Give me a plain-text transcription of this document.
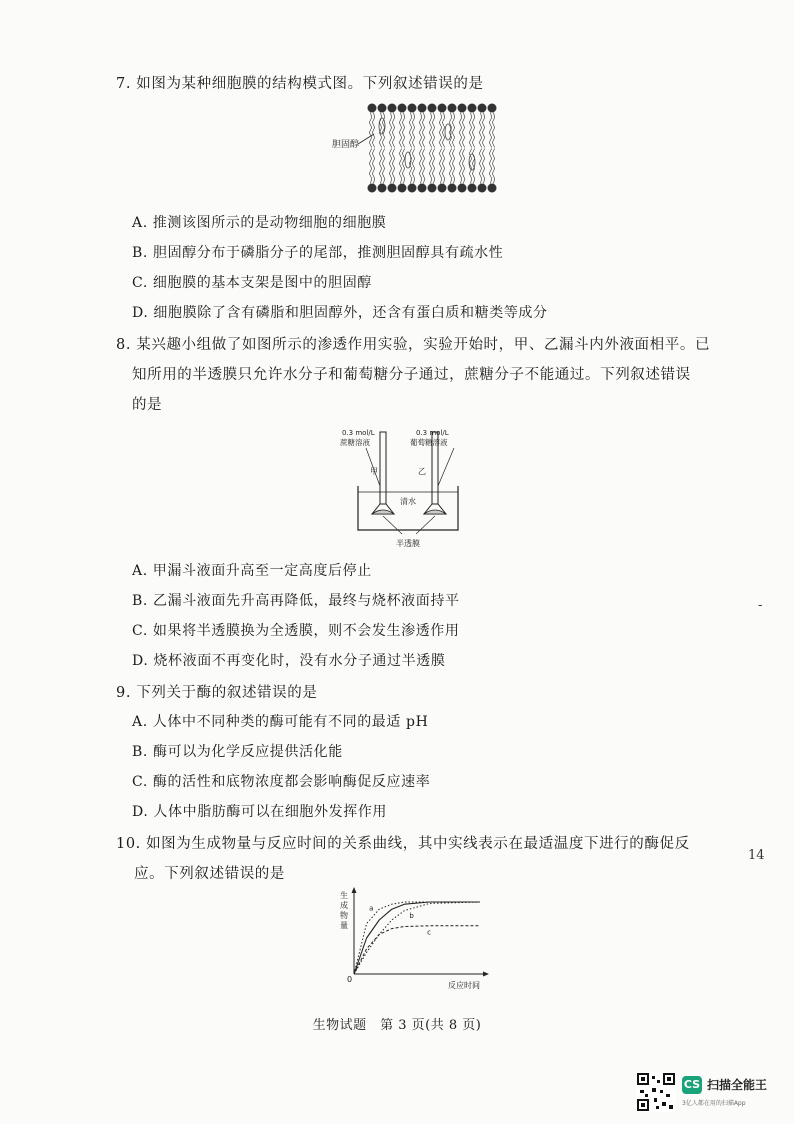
7. 如图为某种细胞膜的结构模式图。下列叙述错误的是
胆固醇
A. 推测该图所示的是动物细胞的细胞膜
B. 胆固醇分布于磷脂分子的尾部，推测胆固醇具有疏水性
C. 细胞膜的基本支架是图中的胆固醇
D. 细胞膜除了含有磷脂和胆固醇外，还含有蛋白质和糖类等成分
8. 某兴趣小组做了如图所示的渗透作用实验，实验开始时，甲、乙漏斗内外液面相平。已
知所用的半透膜只允许水分子和葡萄糖分子通过，蔗糖分子不能通过。下列叙述错误
的是
0.3 mol/L
蔗糖溶液
0.3 mol/L
葡萄糖溶液
甲	乙
清水
半透膜
A. 甲漏斗液面升高至一定高度后停止
B. 乙漏斗液面先升高再降低，最终与烧杯液面持平
C. 如果将半透膜换为全透膜，则不会发生渗透作用
D. 烧杯液面不再变化时，没有水分子通过半透膜
9. 下列关于酶的叙述错误的是
A. 人体中不同种类的酶可能有不同的最适 pH
B. 酶可以为化学反应提供活化能
C. 酶的活性和底物浓度都会影响酶促反应速率
D. 人体中脂肪酶可以在细胞外发挥作用
10. 如图为生成物量与反应时间的关系曲线，其中实线表示在最适温度下进行的酶促反
应。下列叙述错误的是
生
成
物
量
0
反应时间
a
b
c
生物试题　第 3 页(共 8 页)
-
14
CS 扫描全能王
3亿人都在用的扫描App
